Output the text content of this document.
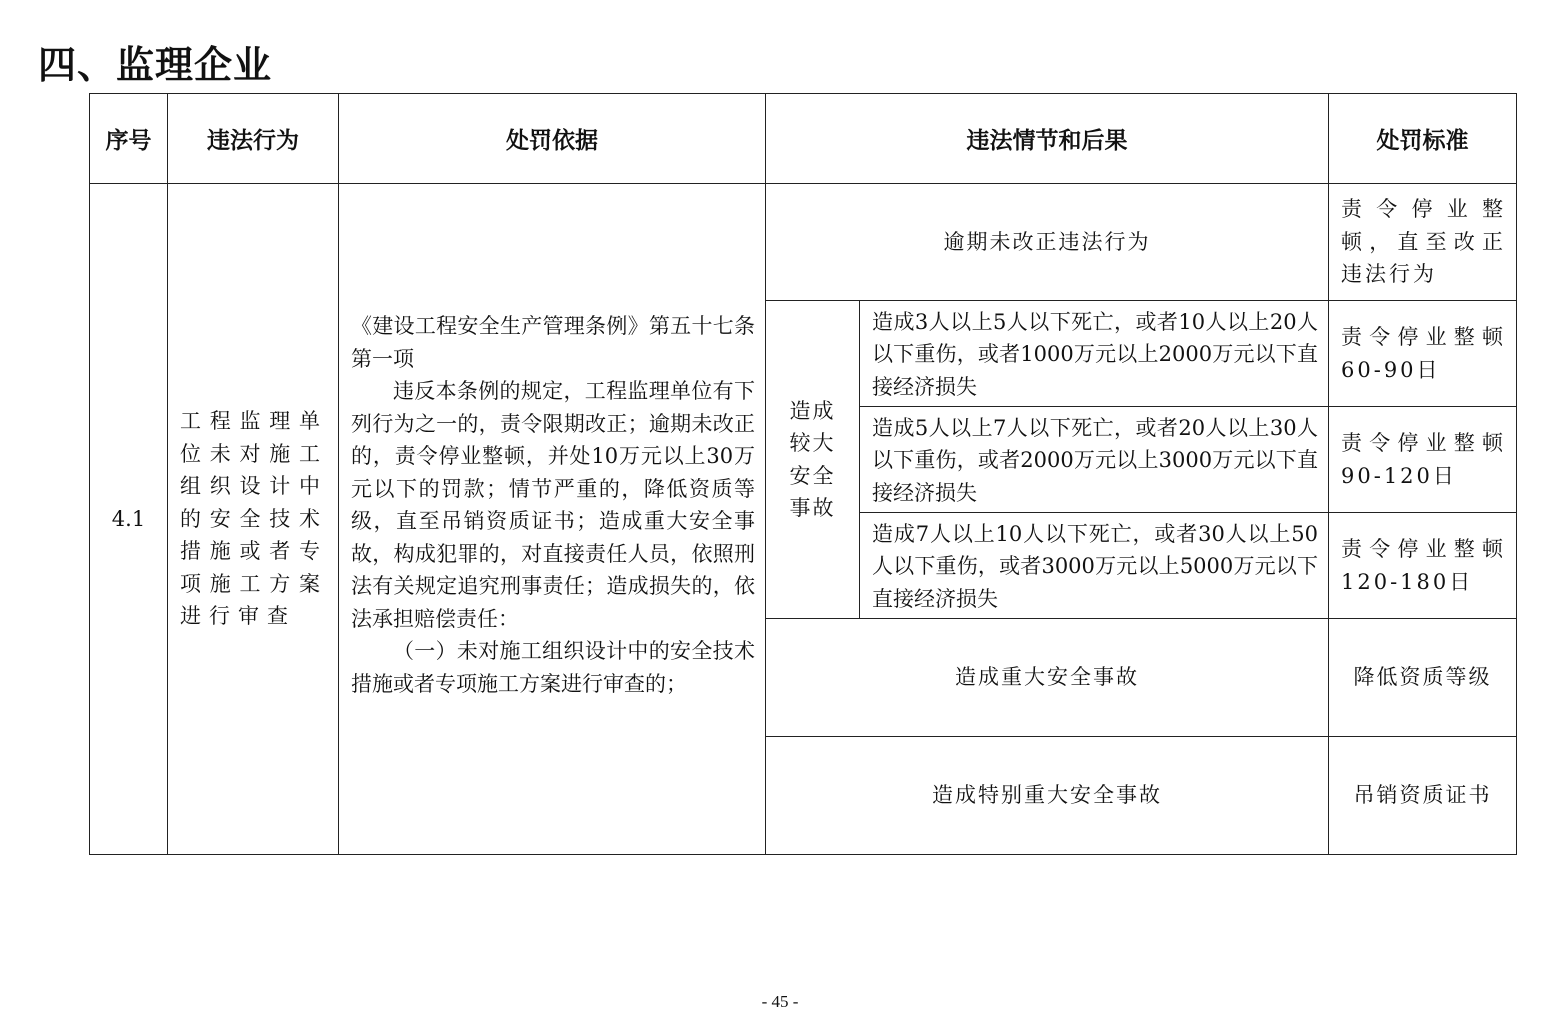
四、监理企业
序号	违法行为	处罚依据	违法情节和后果		处罚标准
4.1	工程监理单位未对施工组织设计中的安全技术措施或者专项施工方案进行审查	《建设工程安全生产管理条例》第五十七条第一项

违反本条例的规定，工程监理单位有下列行为之一的，责令限期改正；逾期未改正的，责令停业整顿，并处10万元以上30万元以下的罚款；情节严重的，降低资质等级，直至吊销资质证书；造成重大安全事故，构成犯罪的，对直接责任人员，依照刑法有关规定追究刑事责任；造成损失的，依法承担赔偿责任：

（一）未对施工组织设计中的安全技术措施或者专项施工方案进行审查的；	逾期未改正违法行为		责令停业整顿，直至改正违法行为
			造成较大安全事故	造成3人以上5人以下死亡，或者10人以上20人以下重伤，或者1000万元以上2000万元以下直接经济损失	责令停业整顿60-90日
				造成5人以上7人以下死亡，或者20人以上30人以下重伤，或者2000万元以上3000万元以下直接经济损失	责令停业整顿90-120日
				造成7人以上10人以下死亡，或者30人以上50人以下重伤，或者3000万元以上5000万元以下直接经济损失	责令停业整顿120-180日
			造成重大安全事故		降低资质等级
			造成特别重大安全事故		吊销资质证书
- 45 -
